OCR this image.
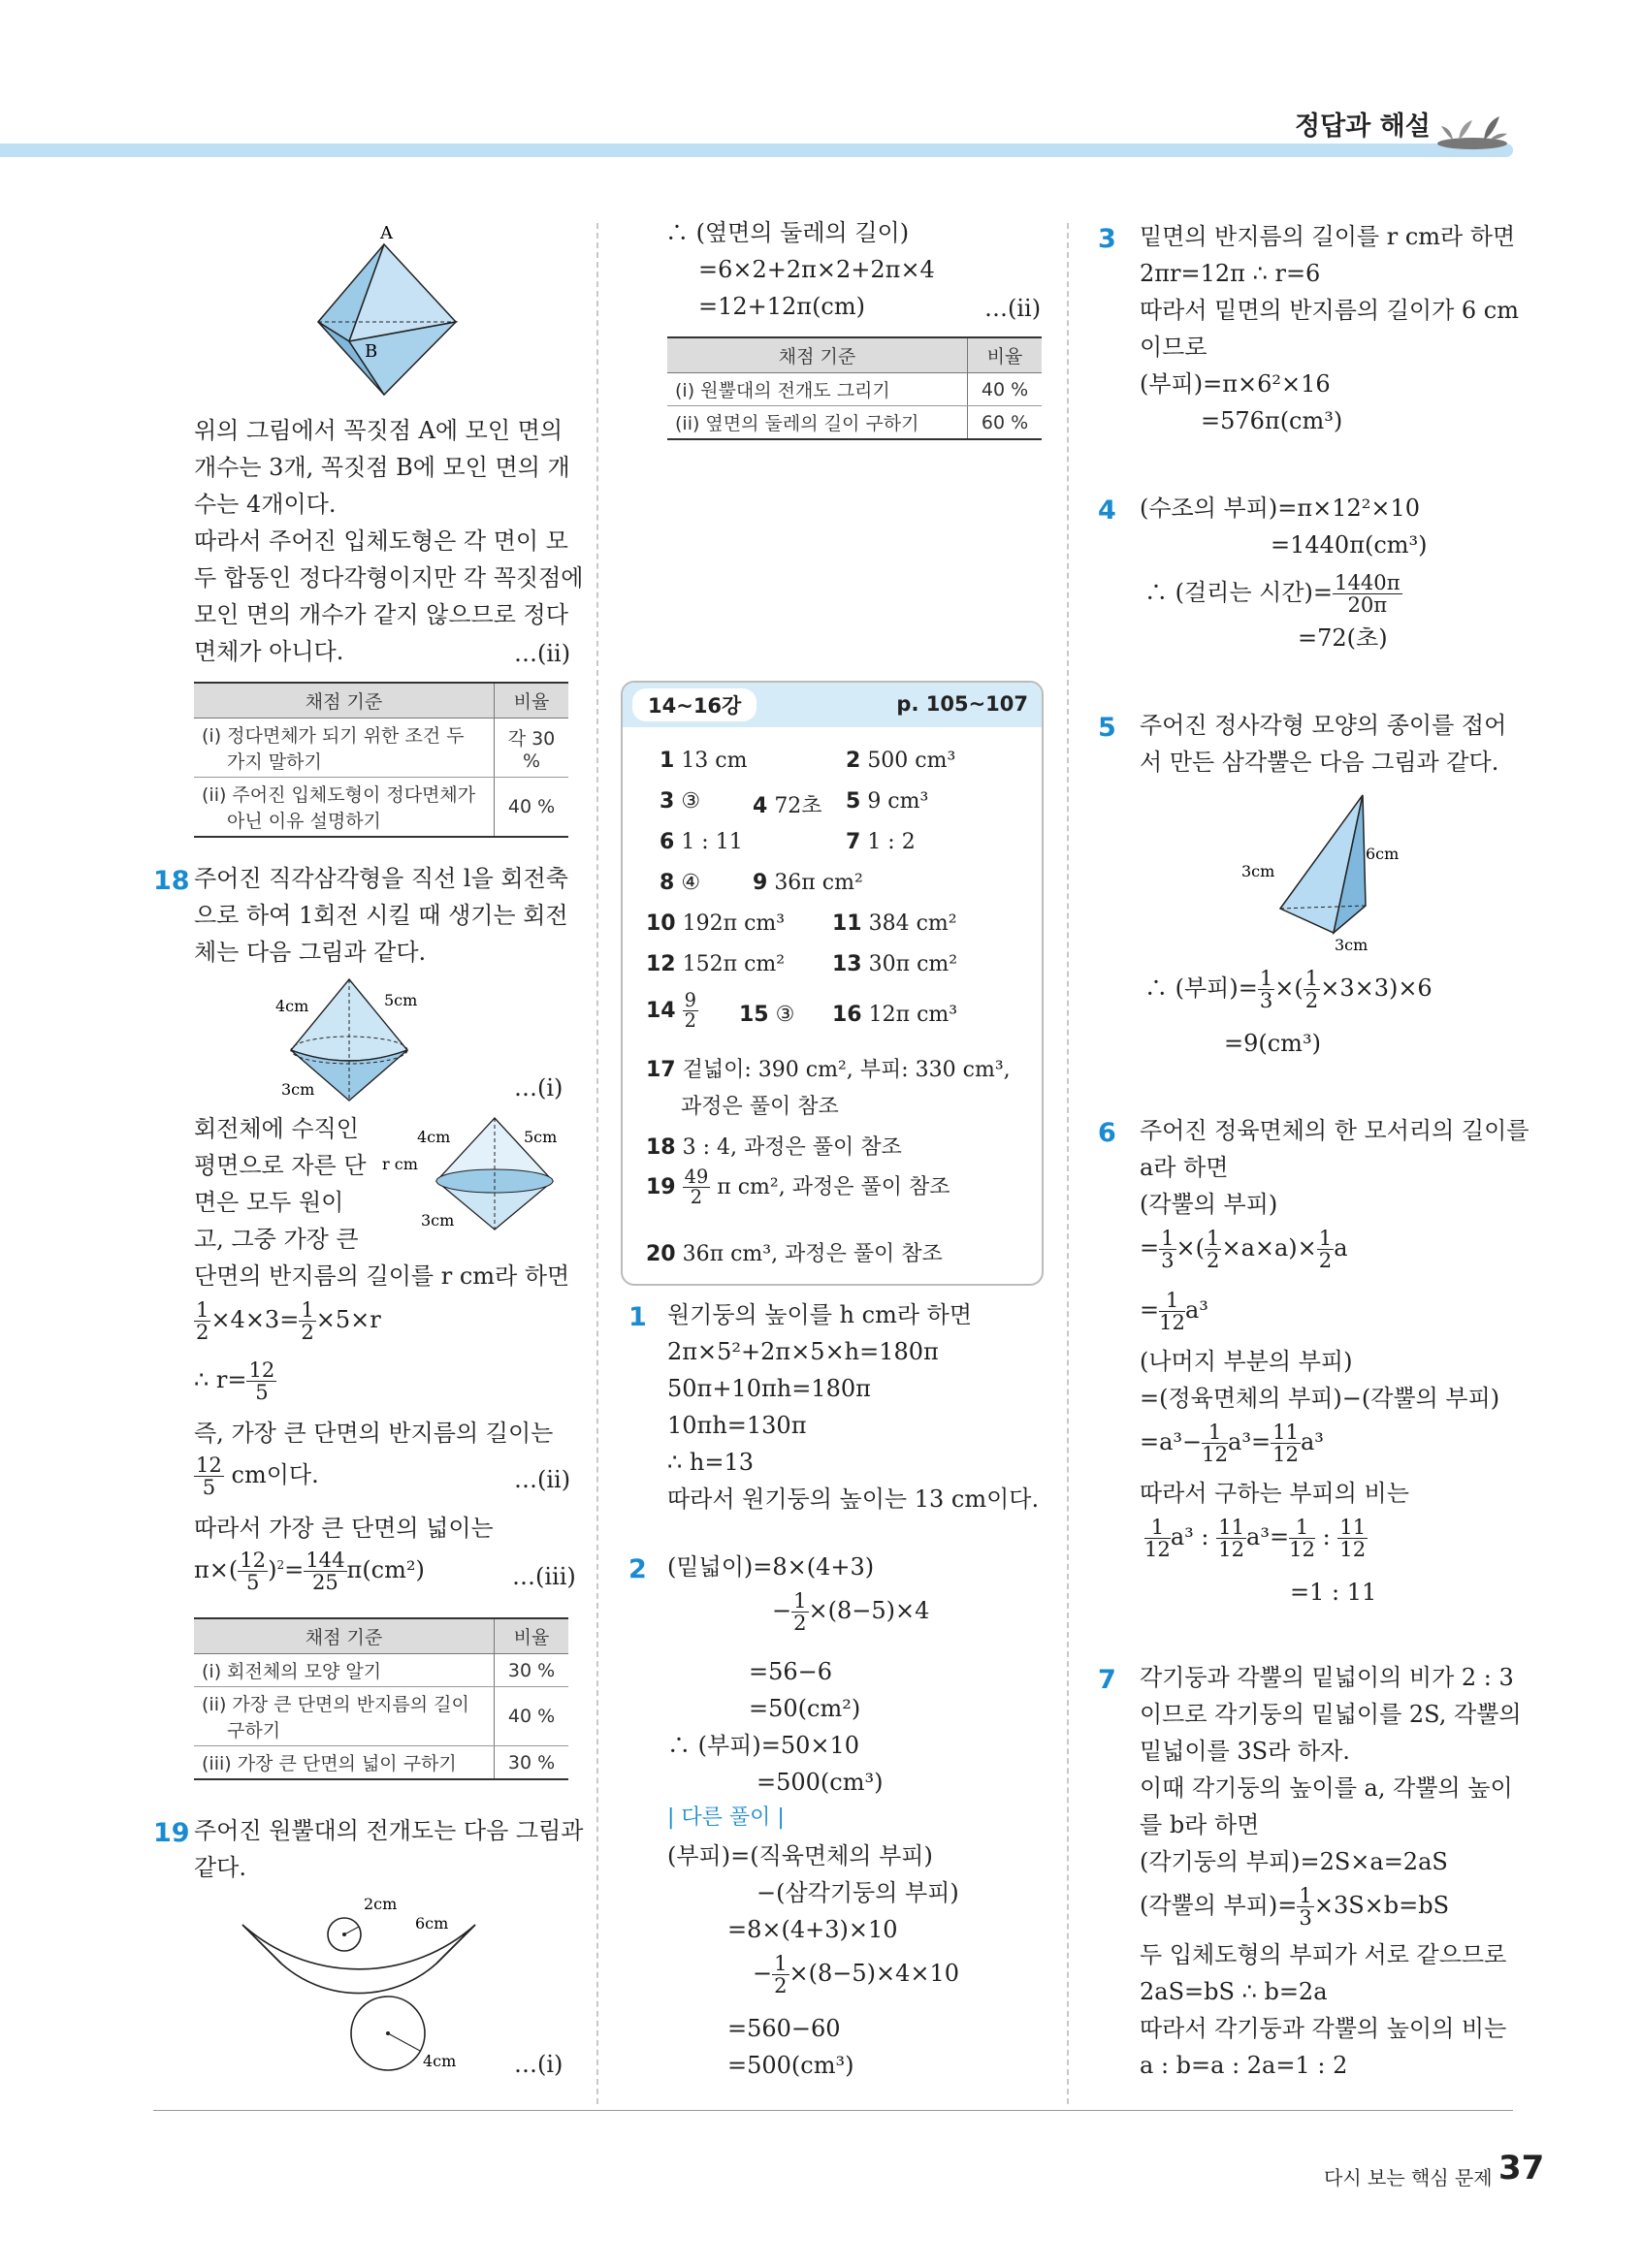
정답과 해설
A
B
위의 그림에서 꼭짓점 A에 모인 면의
개수는 3개, 꼭짓점 B에 모인 면의 개
수는 4개이다.
따라서 주어진 입체도형은 각 면이 모
두 합동인 정다각형이지만 각 꼭짓점에
모인 면의 개수가 같지 않으므로 정다
면체가 아니다.	…(ii)
채점 기준	비율
(i) 정다면체가 되기 위한 조건 두
가지 말하기	각 30 %
(ii) 주어진 입체도형이 정다면체가
아닌 이유 설명하기	40 %
18 주어진 직각삼각형을 직선 l을 회전축
으로 하여 1회전 시킬 때 생기는 회전
체는 다음 그림과 같다.
4cm	5cm
3cm	…(i)
회전체에 수직인
평면으로 자른 단
면은 모두 원이
고, 그중 가장 큰
단면의 반지름의 길이를 r cm라 하면
4cm	5cm
r cm
3cm
$\frac{1}{2} \times 4\times 3= \frac{1}{2} \times 5\times r$
∴ $r= \frac{12}{5}$
즉, 가장 큰 단면의 반지름의 길이는
$\frac{12}{5}$ cm이다.	…(ii)
따라서 가장 큰 단면의 넓이는
$\pi\times( \frac{12}{5} )^2= \frac{144}{25} \pi(cm^2)$	…(iii)
채점 기준	비율
(i) 회전체의 모양 알기	30 %
(ii) 가장 큰 단면의 반지름의 길이
구하기	40 %
(iii) 가장 큰 단면의 넓이 구하기	30 %
19 주어진 원뿔대의 전개도는 다음 그림과
같다.
2cm
6cm
4cm …(i)
∴ (옆면의 둘레의 길이)
=6×2+2π×2+2π×4
=12+12π(cm)	…(ii)
채점 기준	비율
(i) 원뿔대의 전개도 그리기	40 %
(ii) 옆면의 둘레의 길이 구하기	60 %
14~16강	p. 105~107
1 13 cm	2 500 cm³
3 ③ 4 72초 5 9 cm³
6 1 : 11	7 1 : 2
8 ④ 9 36π cm²
10 192π cm³ 11 384 cm²
12 152π cm² 13 30π cm²
$14 \frac{9}{2} 15$ ③ 16 12π cm³
17 겉넓이: 390 cm², 부피: 330 cm³,
과정은 풀이 참조
18 3 : 4, 과정은 풀이 참조
$19 \frac{49}{2}$ π cm², 과정은 풀이 참조
20 36π cm³, 과정은 풀이 참조
1 원기둥의 높이를 h cm라 하면
2π×5²+2π×5×h=180π
50π+10πh=180π
10πh=130π
∴ h=13
따라서 원기둥의 높이는 13 cm이다.
2 (밑넓이)=8×(4+3)
− $\frac{1}{2} \times(8-5)\times 4$
=56−6
=50(cm²)
∴ (부피)=50×10
=500(cm³)
| 다른 풀이 |
(부피)=(직육면체의 부피)
−(삼각기둥의 부피)
=8×(4+3)×10
− $\frac{1}{2} \times(8-5)\times 4\times 10$
=560−60
=500(cm³)
3 밑면의 반지름의 길이를 r cm라 하면
2πr=12π ∴ r=6
따라서 밑면의 반지름의 길이가 6 cm
이므로
(부피)=π×6²×16
=576π(cm³)
4 (수조의 부피)=π×12²×10
=1440π(cm³)
∴ (걸리는 시간)= $\frac{1440\pi}{20\pi}$
=72(초)
5 주어진 정사각형 모양의 종이를 접어
서 만든 삼각뿔은 다음 그림과 같다.
6cm
3cm
3cm
∴ (부피)= $\frac{1}{3}$ ×( $\frac{1}{2} \times 3\times 3)\times 6$
=9(cm³)
6 주어진 정육면체의 한 모서리의 길이를
a라 하면
(각뿔의 부피)
= $\frac{1}{3}$ ×( $\frac{1}{2} \times a\times a)\times \frac{1}{2}$ a
= $\frac{1}{12} a^3$
(나머지 부분의 부피)
=(정육면체의 부피)−(각뿔의 부피)
$=a^3- \frac{1}{12} a^3= \frac{11}{12} a^3$
따라서 구하는 부피의 비는
$\frac{1}{12} a^3$ : $\frac{11}{12} a^3= \frac{1}{12}$ : $\frac{11}{12}$
=1 : 11
7 각기둥과 각뿔의 밑넓이의 비가 2 : 3
이므로 각기둥의 밑넓이를 2S, 각뿔의
밑넓이를 3S라 하자.
이때 각기둥의 높이를 a, 각뿔의 높이
를 b라 하면
(각기둥의 부피)=2S×a=2aS
(각뿔의 부피)= $\frac{1}{3} \times 3S\times b=bS$
두 입체도형의 부피가 서로 같으므로
2aS=bS ∴ b=2a
따라서 각기둥과 각뿔의 높이의 비는
a : b=a : 2a=1 : 2
다시 보는 핵심 문제 37
